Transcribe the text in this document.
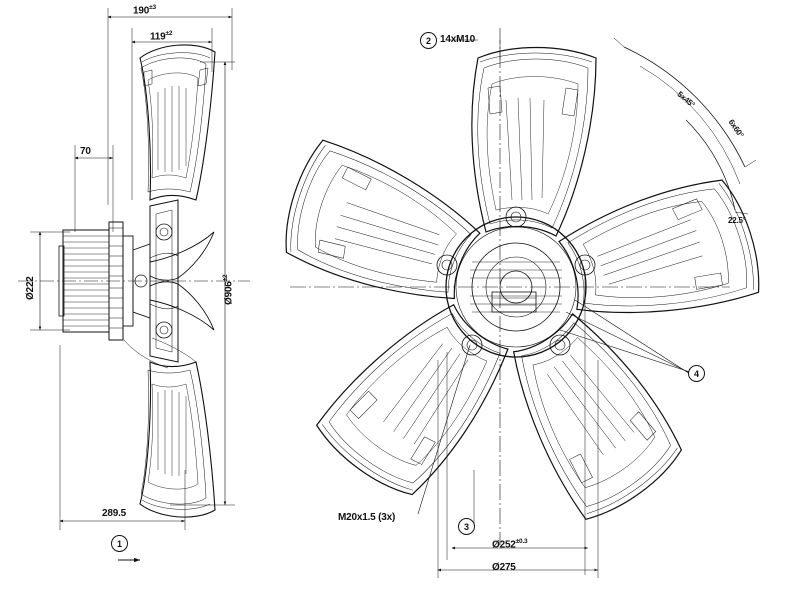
$190^{\pm 3}$
$119^{\pm 2}$
70
Ø222	$Ø906^{\pm 2}$
289.5
1
2 14xM10
4
M20x1.5 (3x)
3
$Ø252^{\pm 0.3}$
Ø275
5x45°
6x60°
22.5°
